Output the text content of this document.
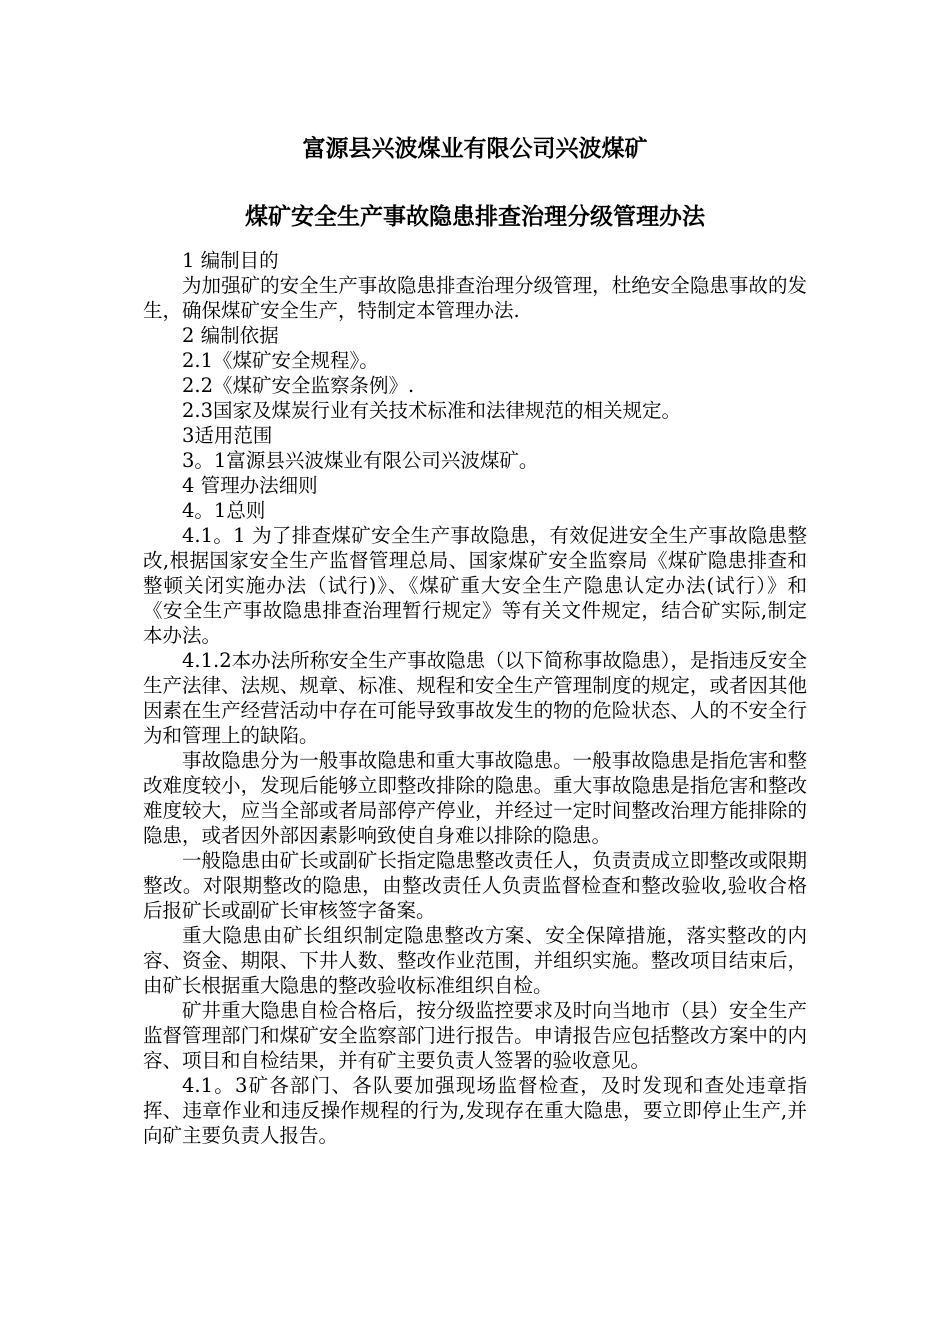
富源县兴波煤业有限公司兴波煤矿
煤矿安全生产事故隐患排查治理分级管理办法

1 编制目的

为加强矿的安全生产事故隐患排查治理分级管理，杜绝安全隐患事故的发生，确保煤矿安全生产，特制定本管理办法.

2 编制依据

2.1《煤矿安全规程》。

2.2《煤矿安全监察条例》.

2.3国家及煤炭行业有关技术标准和法律规范的相关规定。

3适用范围

3。1富源县兴波煤业有限公司兴波煤矿。

4 管理办法细则

4。1总则

4.1。1 为了排查煤矿安全生产事故隐患，有效促进安全生产事故隐患整改,根据国家安全生产监督管理总局、国家煤矿安全监察局《煤矿隐患排查和整顿关闭实施办法（试行)》、《煤矿重大安全生产隐患认定办法(试行）》和《安全生产事故隐患排查治理暂行规定》等有关文件规定，结合矿实际,制定本办法。

4.1.2本办法所称安全生产事故隐患（以下简称事故隐患），是指违反安全生产法律、法规、规章、标准、规程和安全生产管理制度的规定，或者因其他因素在生产经营活动中存在可能导致事故发生的物的危险状态、人的不安全行为和管理上的缺陷。

事故隐患分为一般事故隐患和重大事故隐患。一般事故隐患是指危害和整改难度较小，发现后能够立即整改排除的隐患。重大事故隐患是指危害和整改难度较大，应当全部或者局部停产停业，并经过一定时间整改治理方能排除的隐患，或者因外部因素影响致使自身难以排除的隐患。

一般隐患由矿长或副矿长指定隐患整改责任人，负责责成立即整改或限期整改。对限期整改的隐患，由整改责任人负责监督检查和整改验收,验收合格后报矿长或副矿长审核签字备案。

重大隐患由矿长组织制定隐患整改方案、安全保障措施，落实整改的内容、资金、期限、下井人数、整改作业范围，并组织实施。整改项目结束后，由矿长根据重大隐患的整改验收标准组织自检。

矿井重大隐患自检合格后，按分级监控要求及时向当地市（县）安全生产监督管理部门和煤矿安全监察部门进行报告。申请报告应包括整改方案中的内容、项目和自检结果，并有矿主要负责人签署的验收意见。

4.1。3矿各部门、各队要加强现场监督检查，及时发现和查处违章指挥、违章作业和违反操作规程的行为,发现存在重大隐患，要立即停止生产,并向矿主要负责人报告。
